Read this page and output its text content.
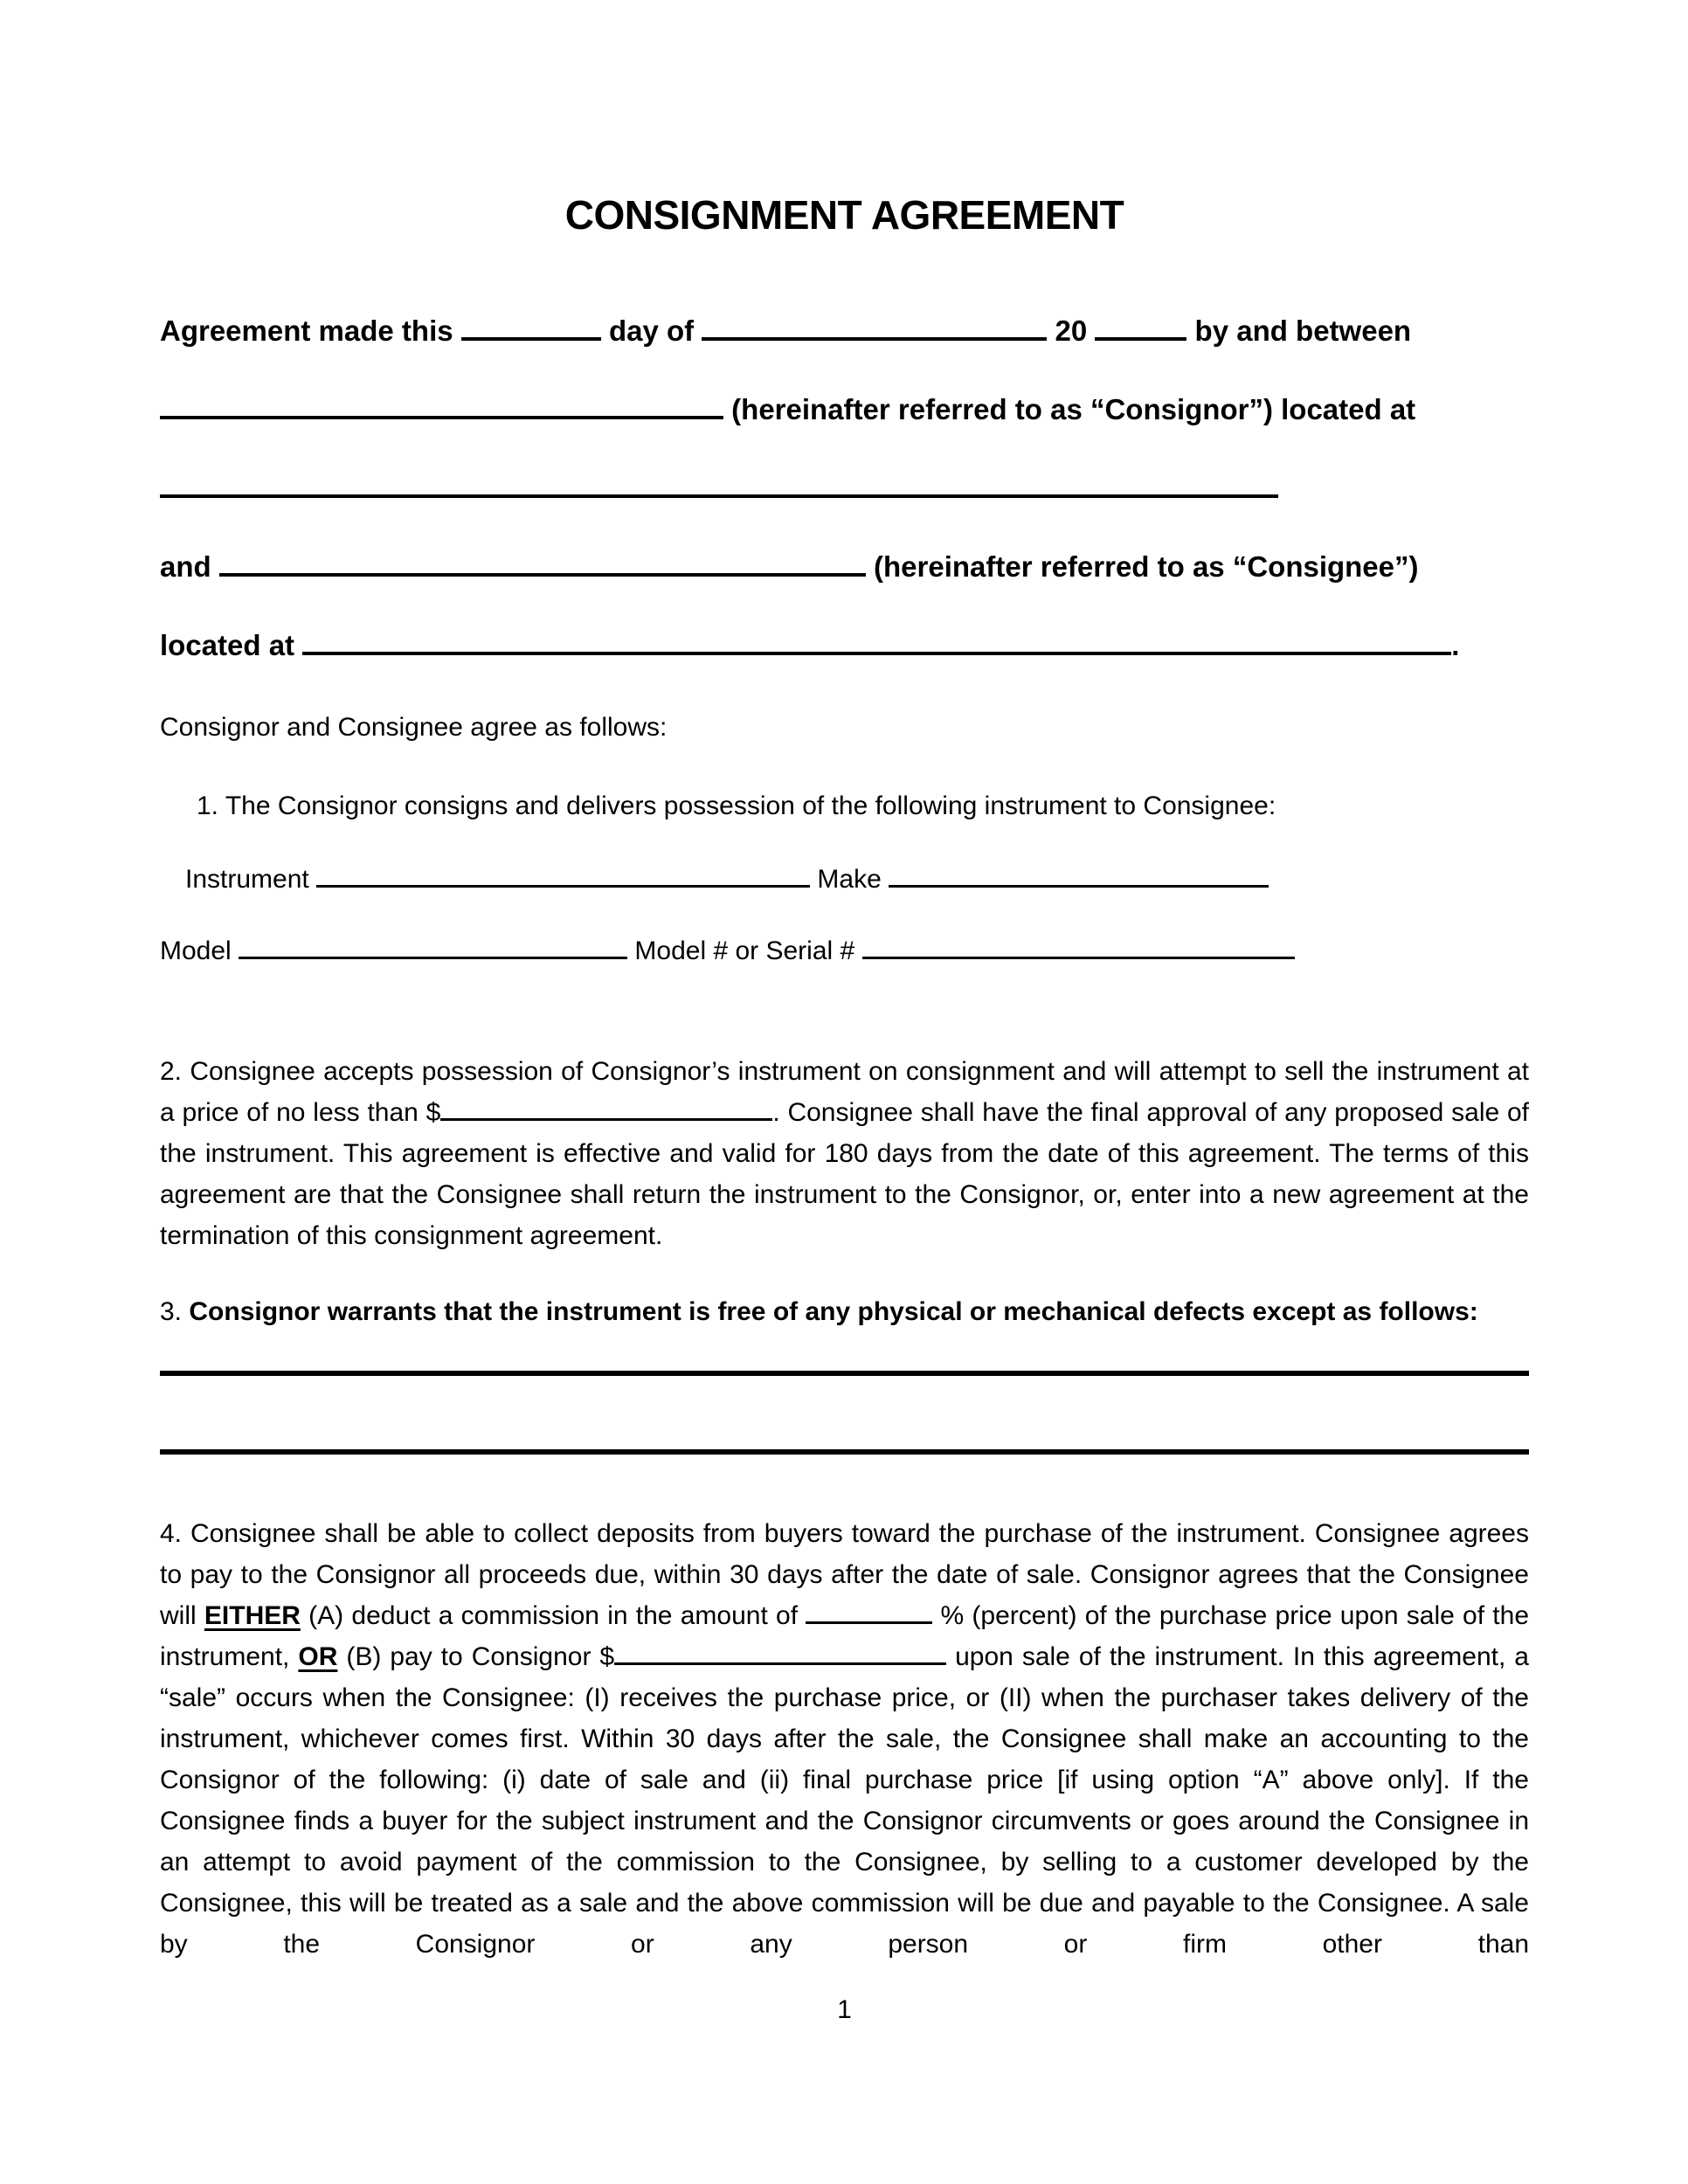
CONSIGNMENT AGREEMENT
Agreement made this	day of	20	by and between
(hereinafter referred to as “Consignor”) located at
and	(hereinafter referred to as “Consignee”)
located at	.
Consignor and Consignee agree as follows:
1. The Consignor consigns and delivers possession of the following instrument to Consignee:
Instrument	Make
Model	Model # or Serial #
2. Consignee accepts possession of Consignor’s instrument on consignment and will attempt to sell the instrument at a price of no less than $	. Consignee shall have the final approval of any proposed sale of the instrument. This agreement is effective and valid for 180 days from the date of this agreement. The terms of this agreement are that the Consignee shall return the instrument to the Consignor, or, enter into a new agreement at the termination of this consignment agreement.
3. Consignor warrants that the instrument is free of any physical or mechanical defects except as follows:
4. Consignee shall be able to collect deposits from buyers toward the purchase of the instrument. Consignee agrees to pay to the Consignor all proceeds due, within 30 days after the date of sale. Consignor agrees that the Consignee will EITHER (A) deduct a commission in the amount of	% (percent) of the purchase price upon sale of the instrument, OR (B) pay to Consignor $	upon sale of the instrument. In this agreement, a “sale” occurs when the Consignee: (I) receives the purchase price, or (II) when the purchaser takes delivery of the instrument, whichever comes first. Within 30 days after the sale, the Consignee shall make an accounting to the Consignor of the following: (i) date of sale and (ii) final purchase price [if using option “A” above only]. If the Consignee finds a buyer for the subject instrument and the Consignor circumvents or goes around the Consignee in an attempt to avoid payment of the commission to the Consignee, by selling to a customer developed by the Consignee, this will be treated as a sale and the above commission will be due and payable to the Consignee. A sale by the Consignor or any person or firm other than
1
